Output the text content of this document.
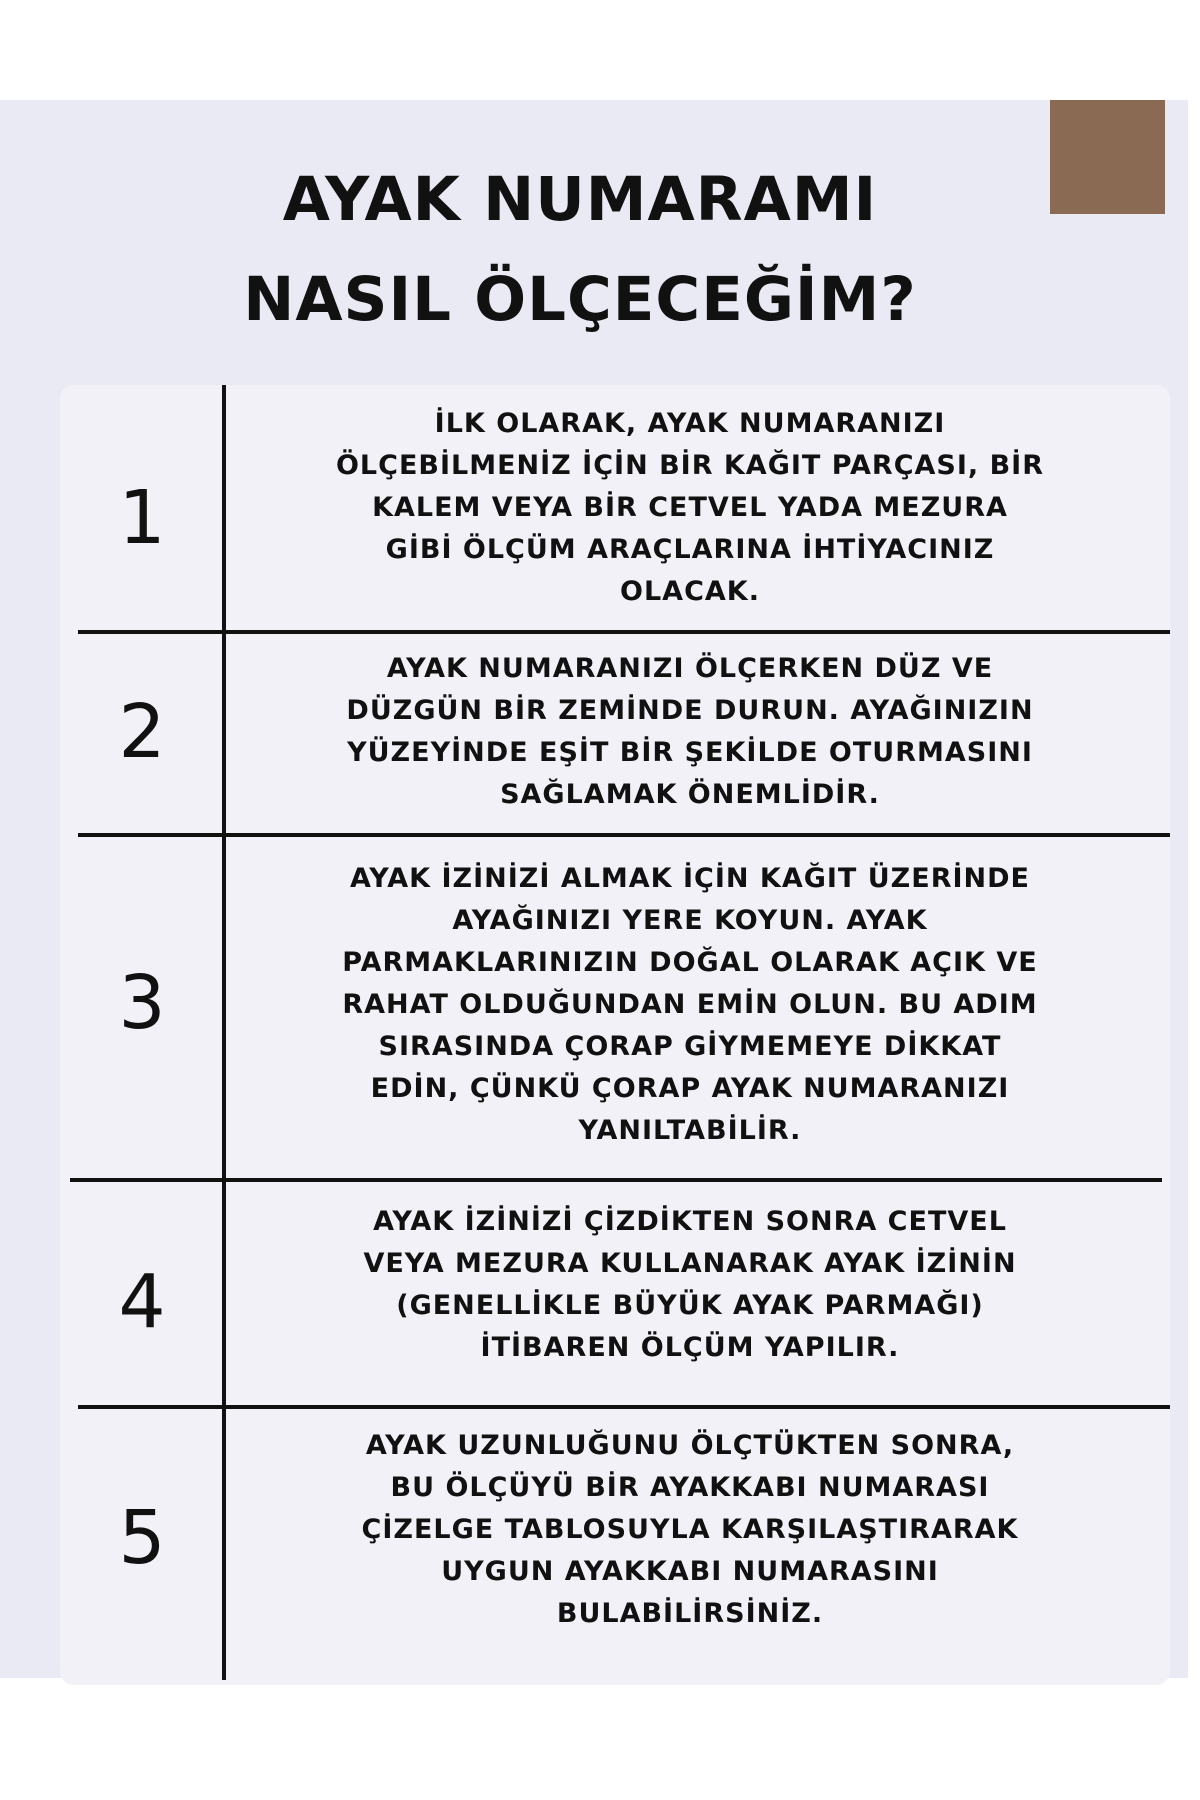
AYAK NUMARAMI
NASIL ÖLÇECEĞİM?
1

İLK OLARAK, AYAK NUMARANIZI
ÖLÇEBİLMENİZ İÇİN BİR KAĞIT PARÇASI, BİR
KALEM VEYA BİR CETVEL YADA MEZURA
GİBİ ÖLÇÜM ARAÇLARINA İHTİYACINIZ
OLACAK.

2

AYAK NUMARANIZI ÖLÇERKEN DÜZ VE
DÜZGÜN BİR ZEMİNDE DURUN. AYAĞINIZIN
YÜZEYİNDE EŞİT BİR ŞEKİLDE OTURMASINI
SAĞLAMAK ÖNEMLİDİR.

3

AYAK İZİNİZİ ALMAK İÇİN KAĞIT ÜZERİNDE
AYAĞINIZI YERE KOYUN. AYAK
PARMAKLARINIZIN DOĞAL OLARAK AÇIK VE
RAHAT OLDUĞUNDAN EMİN OLUN. BU ADIM
SIRASINDA ÇORAP GİYMEMEYE DİKKAT
EDİN, ÇÜNKÜ ÇORAP AYAK NUMARANIZI
YANILTABİLİR.

4

AYAK İZİNİZİ ÇİZDİKTEN SONRA CETVEL
VEYA MEZURA KULLANARAK AYAK İZİNİN
(GENELLİKLE BÜYÜK AYAK PARMAĞI)
İTİBAREN ÖLÇÜM YAPILIR.

5

AYAK UZUNLUĞUNU ÖLÇTÜKTEN SONRA,
BU ÖLÇÜYÜ BİR AYAKKABI NUMARASI
ÇİZELGE TABLOSUYLA KARŞILAŞTIRARAK
UYGUN AYAKKABI NUMARASINI
BULABİLİRSİNİZ.
